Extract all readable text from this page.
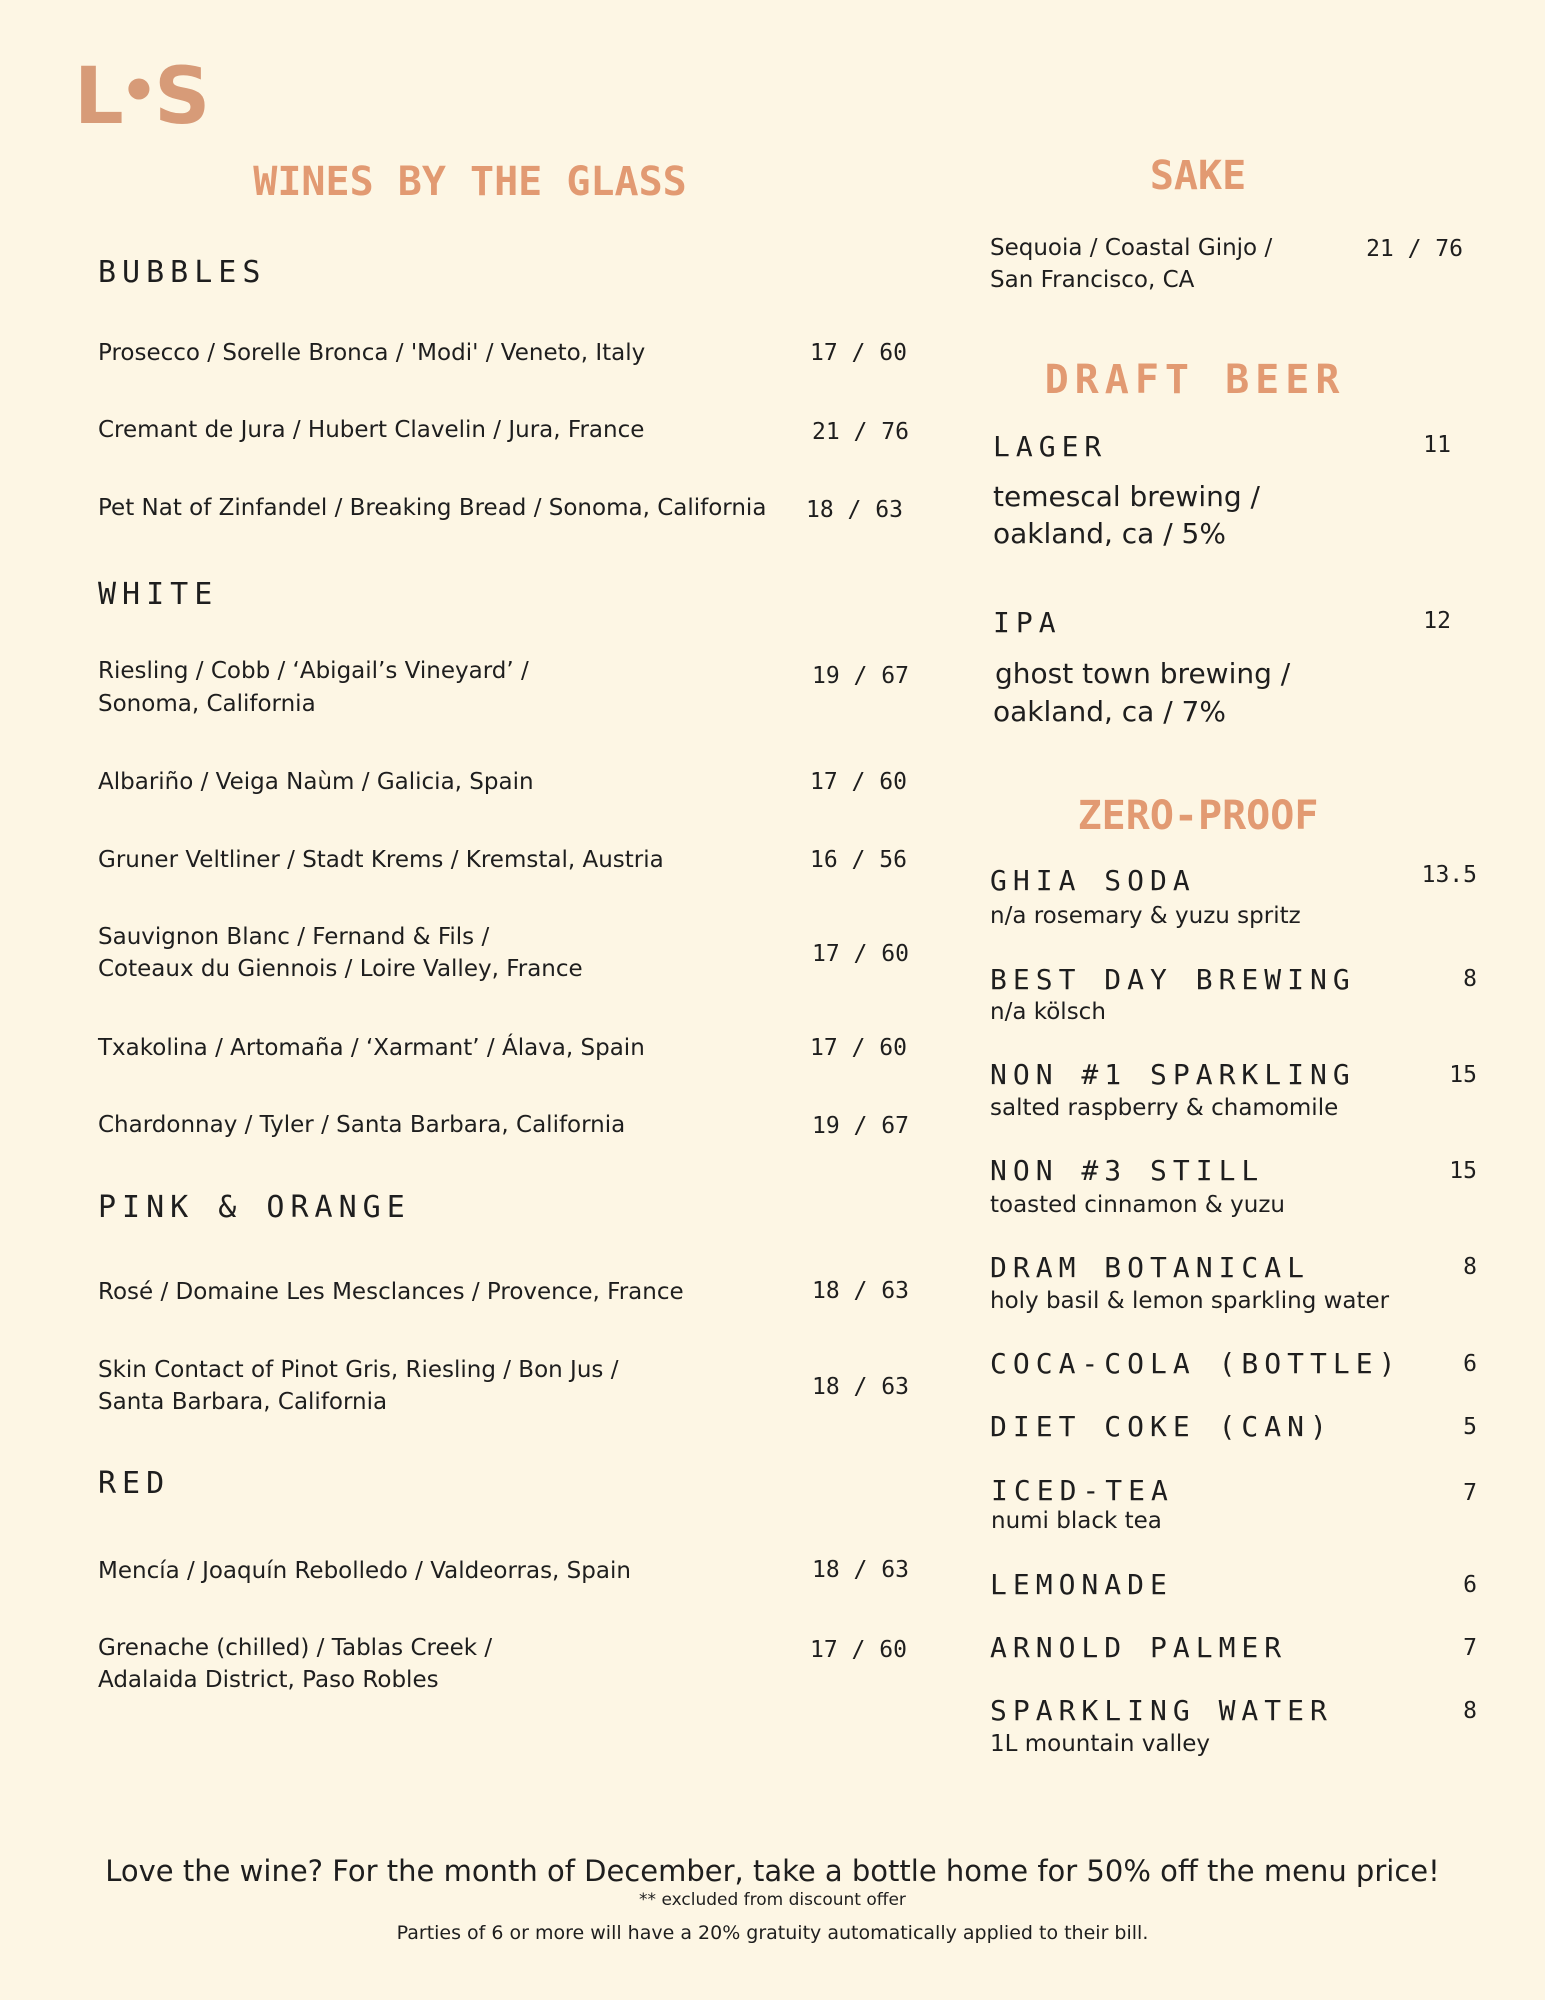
L•S
WINES BY THE GLASS
BUBBLES
Prosecco / Sorelle Bronca / 'Modi' / Veneto, Italy	17 / 60
Cremant de Jura / Hubert Clavelin / Jura, France	21 / 76
Pet Nat of Zinfandel / Breaking Bread / Sonoma, California	18 / 63
WHITE
Riesling / Cobb / ‘Abigail’s Vineyard’ /
Sonoma, California
19 / 67
Albariño / Veiga Naùm / Galicia, Spain	17 / 60
Gruner Veltliner / Stadt Krems / Kremstal, Austria	16 / 56
Sauvignon Blanc / Fernand & Fils /
Coteaux du Giennois / Loire Valley, France
17 / 60
Txakolina / Artomaña / ‘Xarmant’ / Álava, Spain	17 / 60
Chardonnay / Tyler / Santa Barbara, California	19 / 67
PINK & ORANGE
Rosé / Domaine Les Mesclances / Provence, France	18 / 63
Skin Contact of Pinot Gris, Riesling / Bon Jus /
Santa Barbara, California
18 / 63
RED
Mencía / Joaquín Rebolledo / Valdeorras, Spain	18 / 63
Grenache (chilled) / Tablas Creek /
Adalaida District, Paso Robles
17 / 60
SAKE
Sequoia / Coastal Ginjo /
San Francisco, CA
21 / 76
DRAFT BEER
LAGER	11
temescal brewing /
oakland, ca / 5%
IPA	12
ghost town brewing /
oakland, ca / 7%
ZERO-PROOF
GHIA SODA	13.5
n/a rosemary & yuzu spritz
BEST DAY BREWING	8
n/a kölsch
NON #1 SPARKLING	15
salted raspberry & chamomile
NON #3 STILL	15
toasted cinnamon & yuzu
DRAM BOTANICAL	8
holy basil & lemon sparkling water
COCA-COLA (BOTTLE)	6
DIET COKE (CAN)	5
ICED-TEA	7
numi black tea
LEMONADE	6
ARNOLD PALMER	7
SPARKLING WATER	8
1L mountain valley
Love the wine? For the month of December, take a bottle home for 50% off the menu price!
** excluded from discount offer
Parties of 6 or more will have a 20% gratuity automatically applied to their bill.
